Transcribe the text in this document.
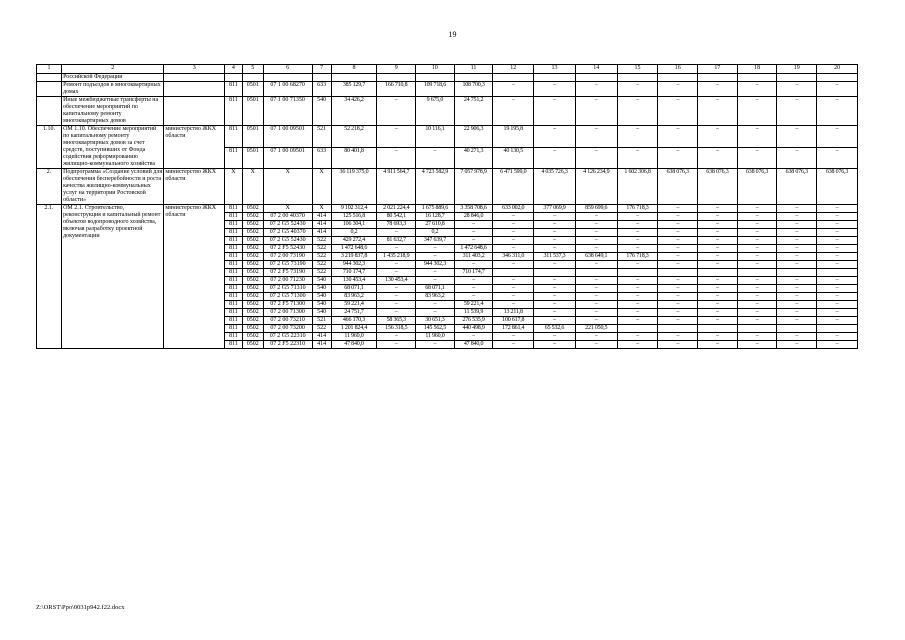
19
1	2	3	4	5	6	7	8	9	10	11	12	13	14	15	16	17	18	19	20
	Российской Федерации																		
	Ремонт подъездов в многоквартирных домах		811	0501	07 1 00 68270	633	385 129,7	166 710,8	109 718,6	108 700,3	–	–	–	–	–	–	–	–	–
	Иные межбюджетные трансферты на обеспечение мероприятий по капитальному ремонту многоквартирных домов		811	0501	07 1 00 71350	540	34 426,2	–	9 675,0	24 751,2	–	–	–	–	–	–	–	–	–
1.10.	ОМ 1.10. Обеспечение мероприятий по капитальному ремонту многоквартирных домов за счет средств, поступивших от Фонда содействия реформированию жилищно-коммунального хозяйства	министерство ЖКХ области	811	0501	07 1 00 09501	521	52 218,2	–	10 116,1	22 906,3	19 195,8	–	–	–	–	–	–	–	–
			811	0501	07 1 00 09501	633	80 401,8	–	–	40 271,3	40 130,5	–	–	–	–	–	–	–	–
2.	Подпрограмма «Создание условий для обеспечения бесперебойности и роста качества жилищно-коммунальных услуг на территории Ростовской области»	министерство ЖКХ области	Х	Х	Х	Х	36 119 375,0	4 911 564,7	4 723 582,9	7 057 978,9	6 471 599,0	4 035 726,3	4 126 234,9	1 602 306,8	638 076,3	638 076,3	638 076,3	638 076,3	638 076,3
2.1.	ОМ 2.1. Строительство, реконструкция и капитальный ремонт объектов водопроводного хозяйства, включая разработку проектной документации	министерство ЖКХ области	811	0502	Х	Х	9 102 312,4	2 021 224,4	1 675 889,6	3 358 708,6	633 002,0	377 069,9	859 699,6	176 718,3	–	–	–	–	–
			811	0502	07 2 00 40370	414	125 516,8	80 542,1	16 128,7	28 846,0	–	–	–	–	–	–	–	–	–
			811	0502	07 2 G5 52430	414	106 304,1	78 693,3	27 610,8	–	–	–	–	–	–	–	–	–	–
			811	0502	07 2 G5 40370	414	0,2	–	0,2	–	–	–	–	–	–	–	–	–	–
			811	0502	07 2 G5 52430	522	429 272,4	81 632,7	347 639,7	–	–	–	–	–	–	–	–	–	–
			811	0502	07 2 F5 52430	522	1 472 648,6	–	–	1 472 648,6	–	–	–	–	–	–	–	–	–
			811	0502	07 2 00 73190	522	3 219 837,8	1 435 218,9	–	311 403,2	346 311,0	311 537,3	638 649,1	176 718,3	–	–	–	–	–
			811	0502	07 2 G5 73190	522	944 302,3	–	944 302,3	–	–	–	–	–	–	–	–	–	–
			811	0502	07 2 F5 73190	522	710 174,7	–	–	710 174,7									
			811	0502	07 2 00 71230	540	130 453,4	130 453,4	–	–	–	–	–	–	–	–	–	–	–
			811	0502	07 2 G5 71310	540	68 071,1	–	68 071,1	–	–	–	–	–	–	–	–	–	–
			811	0502	07 2 G5 71300	540	83 963,2	–	83 963,2	–	–	–	–	–	–	–	–	–	–
			811	0502	07 2 F5 71300	540	59 221,4	–	–	59 221,4	–	–	–	–	–	–	–	–	–
			811	0502	07 2 00 71300	540	24 751,7	–	–	11 539,9	13 211,8	–	–	–	–	–	–	–	–
			811	0502	07 2 00 73210	521	466 170,3	58 365,3	30 651,3	276 535,9	100 617,8	–	–	–	–	–	–	–	–
			811	0502	07 2 00 73200	522	1 201 824,4	156 318,5	145 562,5	440 498,9	172 861,4	65 532,6	221 050,5						
			811	0502	07 2 G5 22310	414	11 960,0	–	11 960,0	–	–	–	–	–	–	–	–	–	–
			811	0502	07 2 F5 22310	414	47 840,0	–	–	47 840,0	–	–	–	–	–	–	–	–	–
Z:\ORST\Ppo\0031p942.f22.docx
